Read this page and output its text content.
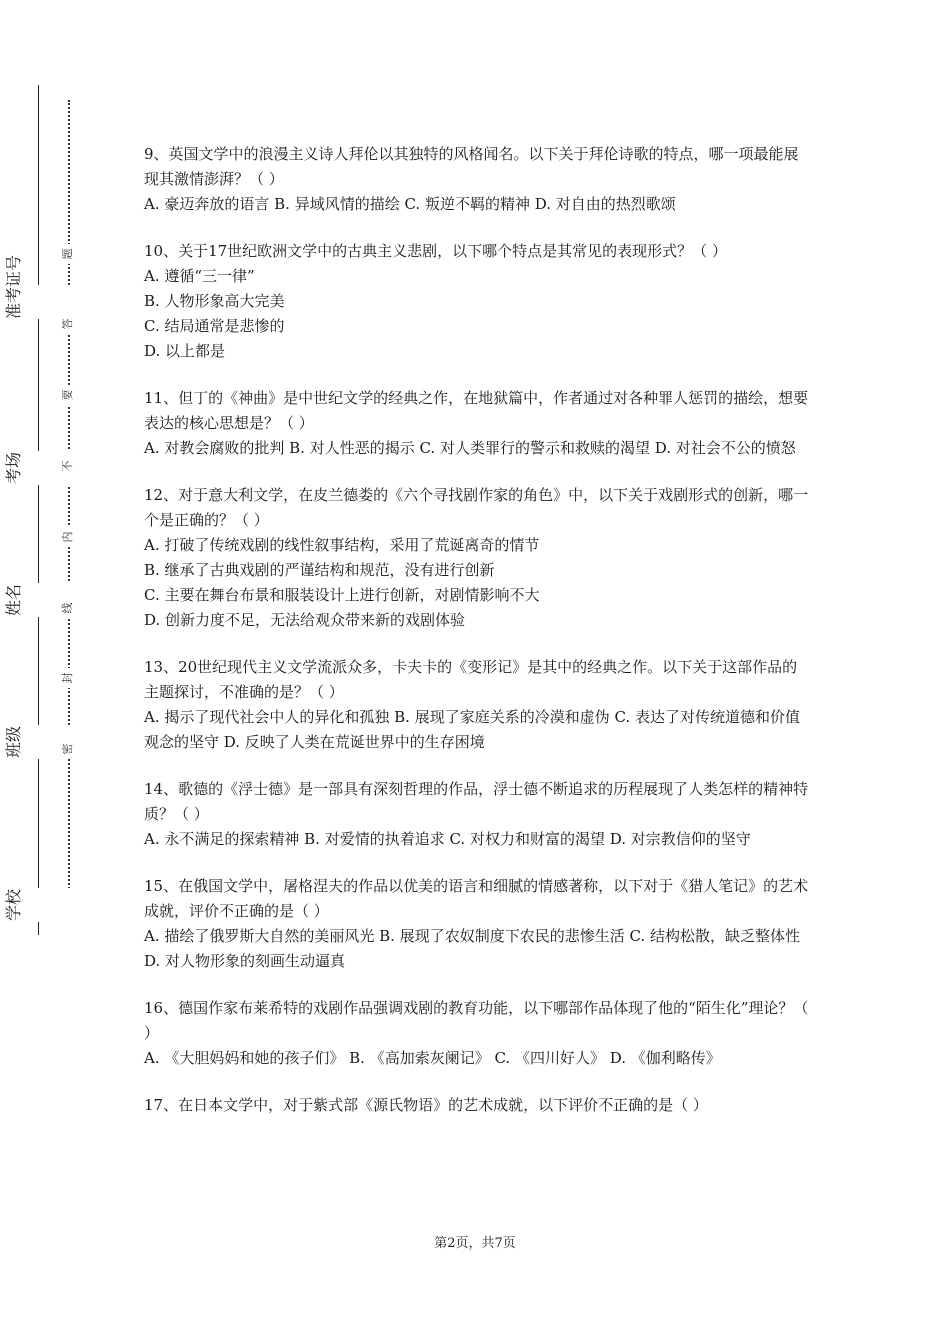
准考证号
考场
姓名
班级
学校
题
答
要
不
内
线
封
密

9、英国文学中的浪漫主义诗人拜伦以其独特的风格闻名。以下关于拜伦诗歌的特点，哪一项最能展现其激情澎湃？（ ）

A. 豪迈奔放的语言 B. 异域风情的描绘 C. 叛逆不羁的精神 D. 对自由的热烈歌颂

10、关于17世纪欧洲文学中的古典主义悲剧，以下哪个特点是其常见的表现形式？（ ）

A. 遵循“三一律”

B. 人物形象高大完美

C. 结局通常是悲惨的

D. 以上都是

11、但丁的《神曲》是中世纪文学的经典之作，在地狱篇中，作者通过对各种罪人惩罚的描绘，想要表达的核心思想是？（ ）

A. 对教会腐败的批判 B. 对人性恶的揭示 C. 对人类罪行的警示和救赎的渴望 D. 对社会不公的愤怒

12、对于意大利文学，在皮兰德娄的《六个寻找剧作家的角色》中，以下关于戏剧形式的创新，哪一个是正确的？（ ）

A. 打破了传统戏剧的线性叙事结构，采用了荒诞离奇的情节

B. 继承了古典戏剧的严谨结构和规范，没有进行创新

C. 主要在舞台布景和服装设计上进行创新，对剧情影响不大

D. 创新力度不足，无法给观众带来新的戏剧体验

13、20世纪现代主义文学流派众多，卡夫卡的《变形记》是其中的经典之作。以下关于这部作品的主题探讨，不准确的是？（ ）

A. 揭示了现代社会中人的异化和孤独 B. 展现了家庭关系的冷漠和虚伪 C. 表达了对传统道德和价值观念的坚守 D. 反映了人类在荒诞世界中的生存困境

14、歌德的《浮士德》是一部具有深刻哲理的作品，浮士德不断追求的历程展现了人类怎样的精神特质？（ ）

A. 永不满足的探索精神 B. 对爱情的执着追求 C. 对权力和财富的渴望 D. 对宗教信仰的坚守

15、在俄国文学中，屠格涅夫的作品以优美的语言和细腻的情感著称，以下对于《猎人笔记》的艺术成就，评价不正确的是（ ）

A. 描绘了俄罗斯大自然的美丽风光 B. 展现了农奴制度下农民的悲惨生活 C. 结构松散，缺乏整体性 D. 对人物形象的刻画生动逼真

16、德国作家布莱希特的戏剧作品强调戏剧的教育功能，以下哪部作品体现了他的“陌生化”理论？（ ）

A. 《大胆妈妈和她的孩子们》 B. 《高加索灰阑记》 C. 《四川好人》 D. 《伽利略传》

17、在日本文学中，对于紫式部《源氏物语》的艺术成就，以下评价不正确的是（ ）

第2页，共7页
